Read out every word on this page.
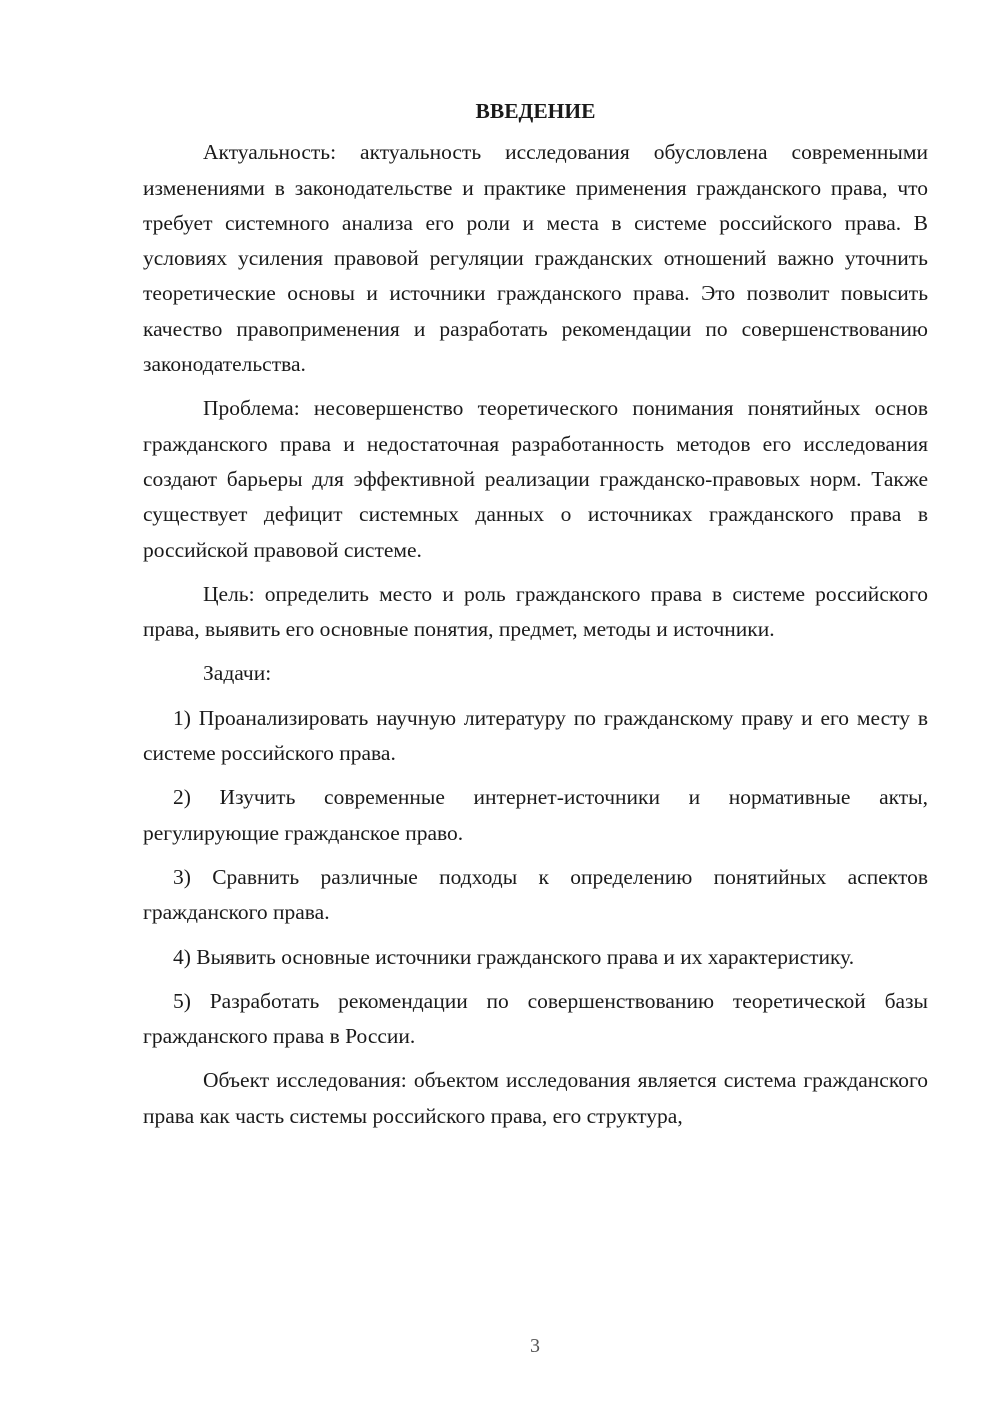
ВВЕДЕНИЕ

Актуальность: актуальность исследования обусловлена современными изменениями в законодательстве и практике применения гражданского права, что требует системного анализа его роли и места в системе российского права. В условиях усиления правовой регуляции гражданских отношений важно уточнить теоретические основы и источники гражданского права. Это позволит повысить качество правоприменения и разработать рекомендации по совершенствованию законодательства.

Проблема: несовершенство теоретического понимания понятийных основ гражданского права и недостаточная разработанность методов его исследования создают барьеры для эффективной реализации гражданско-правовых норм. Также существует дефицит системных данных о источниках гражданского права в российской правовой системе.

Цель: определить место и роль гражданского права в системе российского права, выявить его основные понятия, предмет, методы и источники.

Задачи:

1) Проанализировать научную литературу по гражданскому праву и его месту в системе российского права.

2) Изучить современные интернет-источники и нормативные акты, регулирующие гражданское право.

3) Сравнить различные подходы к определению понятийных аспектов гражданского права.

4) Выявить основные источники гражданского права и их характеристику.

5) Разработать рекомендации по совершенствованию теоретической базы гражданского права в России.

Объект исследования: объектом исследования является система гражданского права как часть системы российского права, его структура,

3
